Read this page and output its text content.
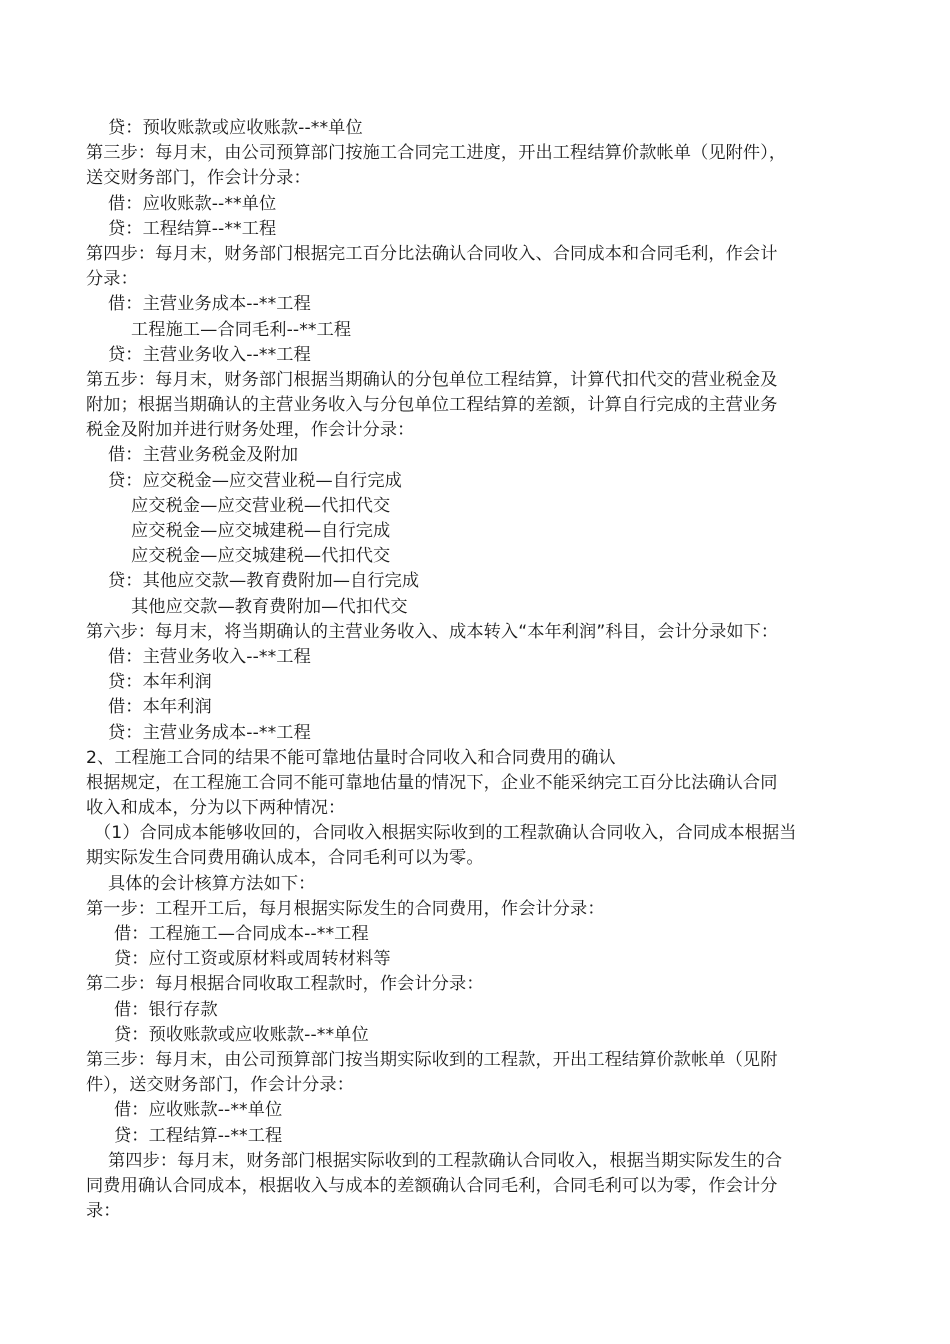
贷：预收账款或应收账款--**单位
第三步：每月末，由公司预算部门按施工合同完工进度，开出工程结算价款帐单（见附件），
送交财务部门，作会计分录：
借：应收账款--**单位
贷：工程结算--**工程
第四步：每月末，财务部门根据完工百分比法确认合同收入、合同成本和合同毛利，作会计
分录：
借：主营业务成本--**工程
工程施工—合同毛利--**工程
贷：主营业务收入--**工程
第五步：每月末，财务部门根据当期确认的分包单位工程结算，计算代扣代交的营业税金及
附加；根据当期确认的主营业务收入与分包单位工程结算的差额，计算自行完成的主营业务
税金及附加并进行财务处理，作会计分录：
借：主营业务税金及附加
贷：应交税金—应交营业税—自行完成
应交税金—应交营业税—代扣代交
应交税金—应交城建税—自行完成
应交税金—应交城建税—代扣代交
贷：其他应交款—教育费附加—自行完成
其他应交款—教育费附加—代扣代交
第六步：每月末，将当期确认的主营业务收入、成本转入“本年利润”科目，会计分录如下：
借：主营业务收入--**工程
贷：本年利润
借：本年利润
贷：主营业务成本--**工程
2、工程施工合同的结果不能可靠地估量时合同收入和合同费用的确认
根据规定，在工程施工合同不能可靠地估量的情况下，企业不能采纳完工百分比法确认合同
收入和成本，分为以下两种情况：
（1）合同成本能够收回的，合同收入根据实际收到的工程款确认合同收入，合同成本根据当
期实际发生合同费用确认成本，合同毛利可以为零。
具体的会计核算方法如下：
第一步：工程开工后，每月根据实际发生的合同费用，作会计分录：
借：工程施工—合同成本--**工程
贷：应付工资或原材料或周转材料等
第二步：每月根据合同收取工程款时，作会计分录：
借：银行存款
贷：预收账款或应收账款--**单位
第三步：每月末，由公司预算部门按当期实际收到的工程款，开出工程结算价款帐单（见附
件），送交财务部门，作会计分录：
借：应收账款--**单位
贷：工程结算--**工程
第四步：每月末，财务部门根据实际收到的工程款确认合同收入，根据当期实际发生的合
同费用确认合同成本，根据收入与成本的差额确认合同毛利，合同毛利可以为零，作会计分
录：
